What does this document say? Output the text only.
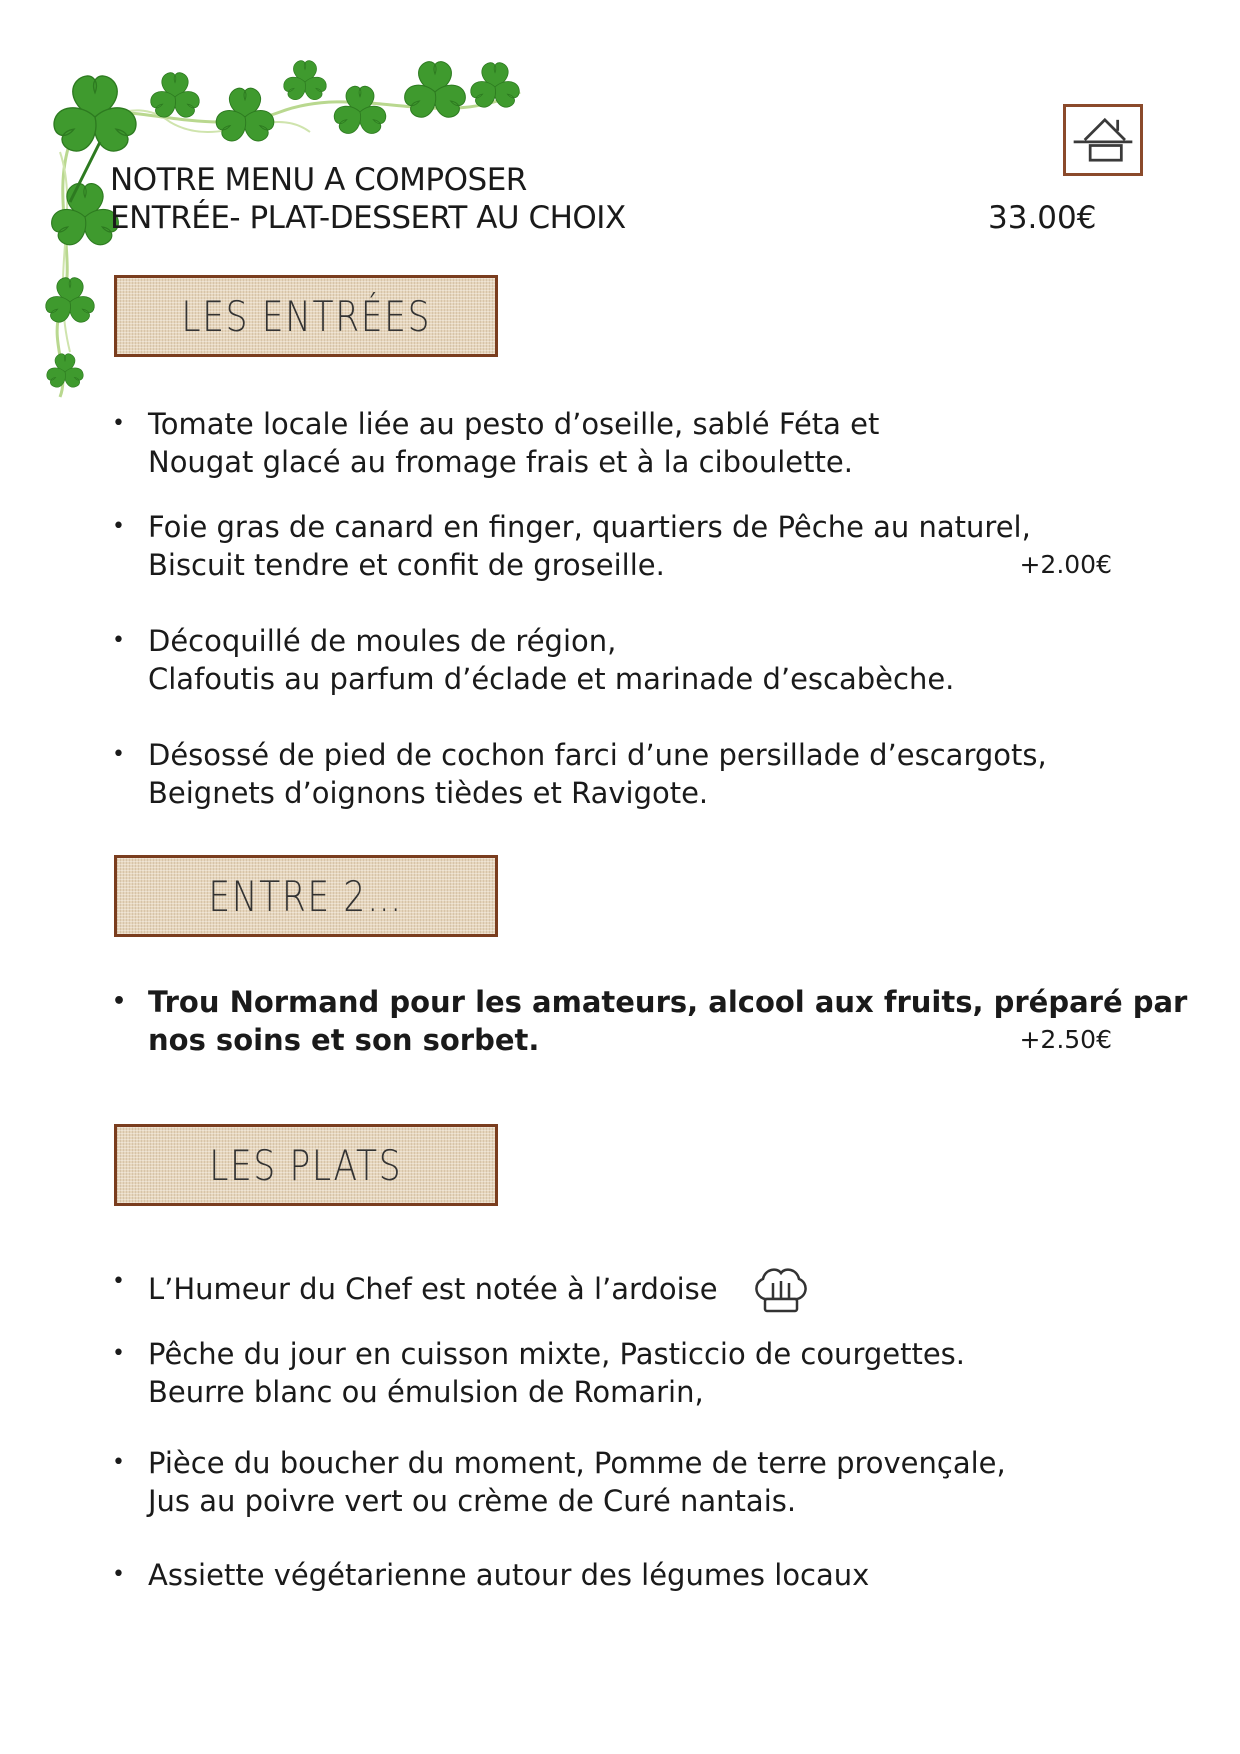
NOTRE MENU A COMPOSER
ENTRÉE- PLAT-DESSERT AU CHOIX	33.00€
LES ENTRÉES
• Tomate locale liée au pesto d’oseille, sablé Féta et
Nougat glacé au fromage frais et à la ciboulette.
• Foie gras de canard en finger, quartiers de Pêche au naturel,
Biscuit tendre et confit de groseille.	+2.00€
• Décoquillé de moules de région,
Clafoutis au parfum d’éclade et marinade d’escabèche.
• Désossé de pied de cochon farci d’une persillade d’escargots,
Beignets d’oignons tièdes et Ravigote.
ENTRE 2…
• Trou Normand pour les amateurs, alcool aux fruits, préparé par
nos soins et son sorbet.	+2.50€
LES PLATS
• L’Humeur du Chef est notée à l’ardoise
• Pêche du jour en cuisson mixte, Pasticcio de courgettes.
Beurre blanc ou émulsion de Romarin,
• Pièce du boucher du moment, Pomme de terre provençale,
Jus au poivre vert ou crème de Curé nantais.
• Assiette végétarienne autour des légumes locaux
